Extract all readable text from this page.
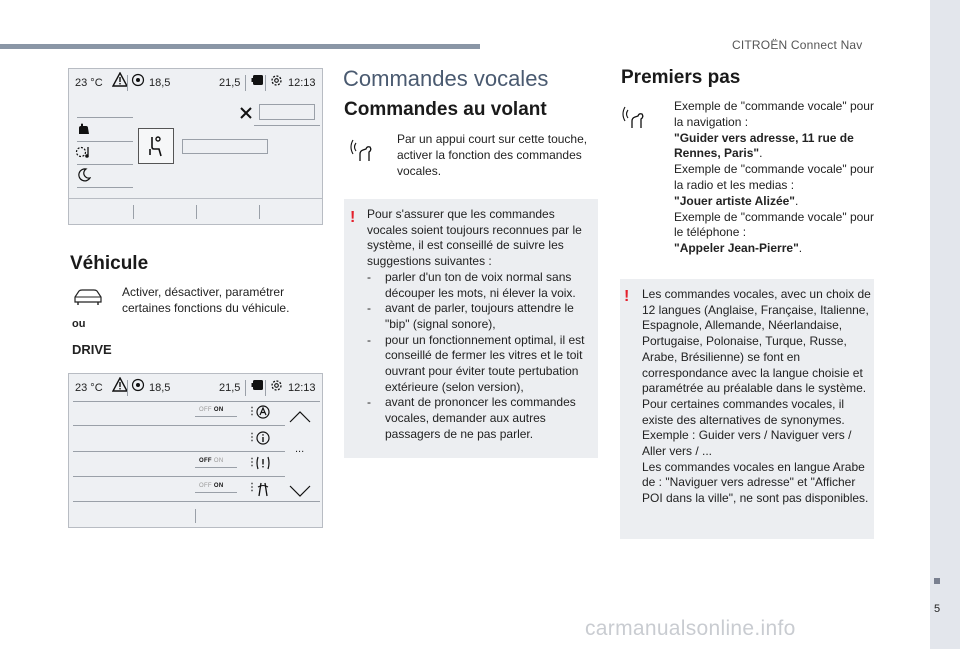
CITROËN Connect Nav
5
carmanualsonline.info
23 °C	18,5	21,5	12:13
Véhicule
Activer, désactiver, paramétrer certaines fonctions du véhicule.
ou
DRIVE
23 °C	18,5	21,5	12:13
OFF ON ⋮
⋮
OFF ON ⋮
OFF ON ⋮
...
Commandes vocales
Commandes au volant
Par un appui court sur cette touche, activer la fonction des commandes vocales.
! Pour s'assurer que les commandes vocales soient toujours reconnues par le système, il est conseillé de suivre les suggestions suivantes :

- parler d'un ton de voix normal sans découper les mots, ni élever la voix.
- avant de parler, toujours attendre le "bip" (signal sonore),
- pour un fonctionnement optimal, il est conseillé de fermer les vitres et le toit ouvrant pour éviter toute pertubation extérieure (selon version),
- avant de prononcer les commandes vocales, demander aux autres passagers de ne pas parler.
Premiers pas
Exemple de "commande vocale" pour la navigation :
"Guider vers adresse, 11 rue de Rennes, Paris".
Exemple de "commande vocale" pour la radio et les medias :
"Jouer artiste Alizée".
Exemple de "commande vocale" pour le téléphone :
"Appeler Jean-Pierre".
! Les commandes vocales, avec un choix de 12 langues (Anglaise, Française, Italienne, Espagnole, Allemande, Néerlandaise, Portugaise, Polonaise, Turque, Russe, Arabe, Brésilienne) se font en correspondance avec la langue choisie et paramétrée au préalable dans le système.

Pour certaines commandes vocales, il existe des alternatives de synonymes. Exemple : Guider vers / Naviguer vers / Aller vers / ...

Les commandes vocales en langue Arabe de : "Naviguer vers adresse" et "Afficher POI dans la ville", ne sont pas disponibles.
